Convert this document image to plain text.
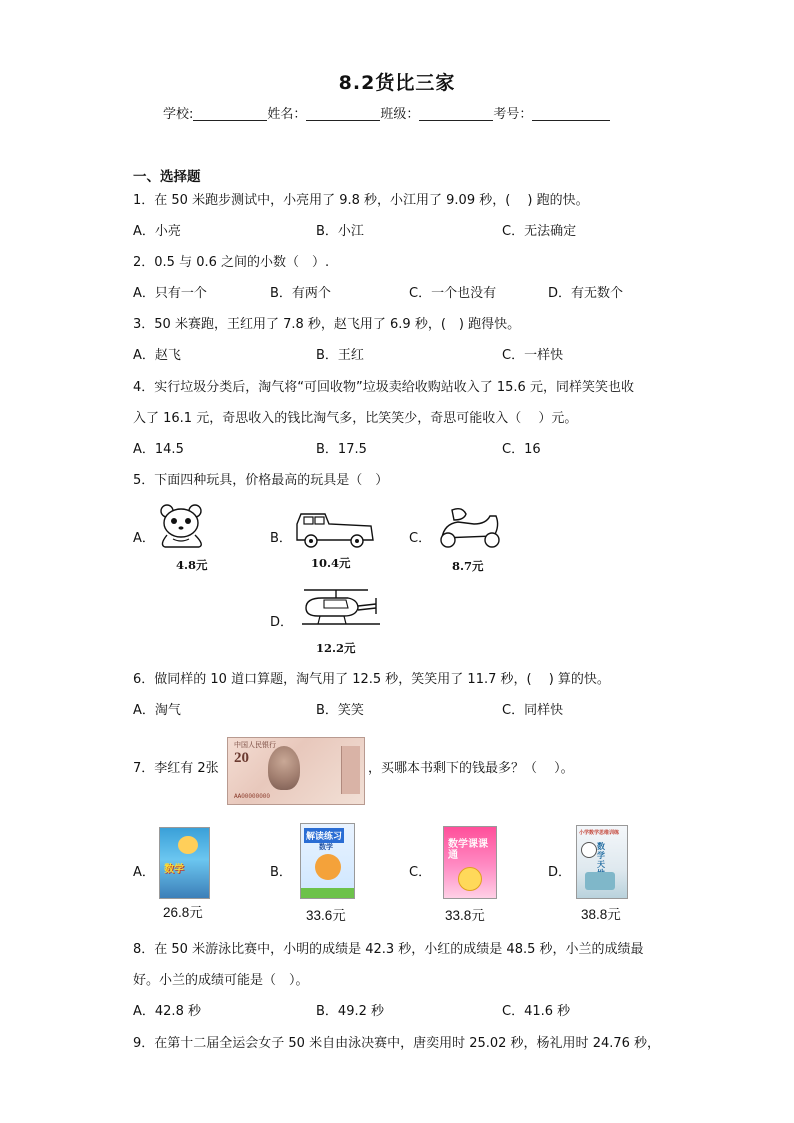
8.2货比三家
学校:	姓名：	班级：	考号：
一、选择题
1．在 50 米跑步测试中，小亮用了 9.8 秒，小江用了 9.09 秒，(　 ) 跑的快。
A．小亮	B．小江	C．无法确定
2．0.5 与 0.6 之间的小数（　）.
A．只有一个	B．有两个	C．一个也没有	D．有无数个
3．50 米赛跑，王红用了 7.8 秒，赵飞用了 6.9 秒，(　) 跑得快。
A．赵飞	B．王红	C．一样快
4．实行垃圾分类后，淘气将“可回收物”垃圾卖给收购站收入了 15.6 元，同样笑笑也收
入了 16.1 元，奇思收入的钱比淘气多，比笑笑少，奇思可能收入（　 ）元。
A．14.5	B．17.5	C．16
5．下面四种玩具，价格最高的玩具是（　）
A．
4.8元
B．
10.4元
C．
8.7元
D．
12.2元
6．做同样的 10 道口算题，淘气用了 12.5 秒，笑笑用了 11.7 秒，(　 ) 算的快。
A．淘气	B．笑笑	C．同样快
7．李红有 2张
中国人民银行
20
AA00000000
，买哪本书剩下的钱最多？（　 ）。
A． 数学
26.8元
B．
解读练习
数学
33.6元
C．
数学课课通
33.8元
D．
小学数学思维训练
数学天
38.8元
8．在 50 米游泳比赛中，小明的成绩是 42.3 秒，小红的成绩是 48.5 秒，小兰的成绩最
好。小兰的成绩可能是（　）。
A．42.8 秒	B．49.2 秒	C．41.6 秒
9．在第十二届全运会女子 50 米自由泳决赛中，唐奕用时 25.02 秒，杨礼用时 24.76 秒，
